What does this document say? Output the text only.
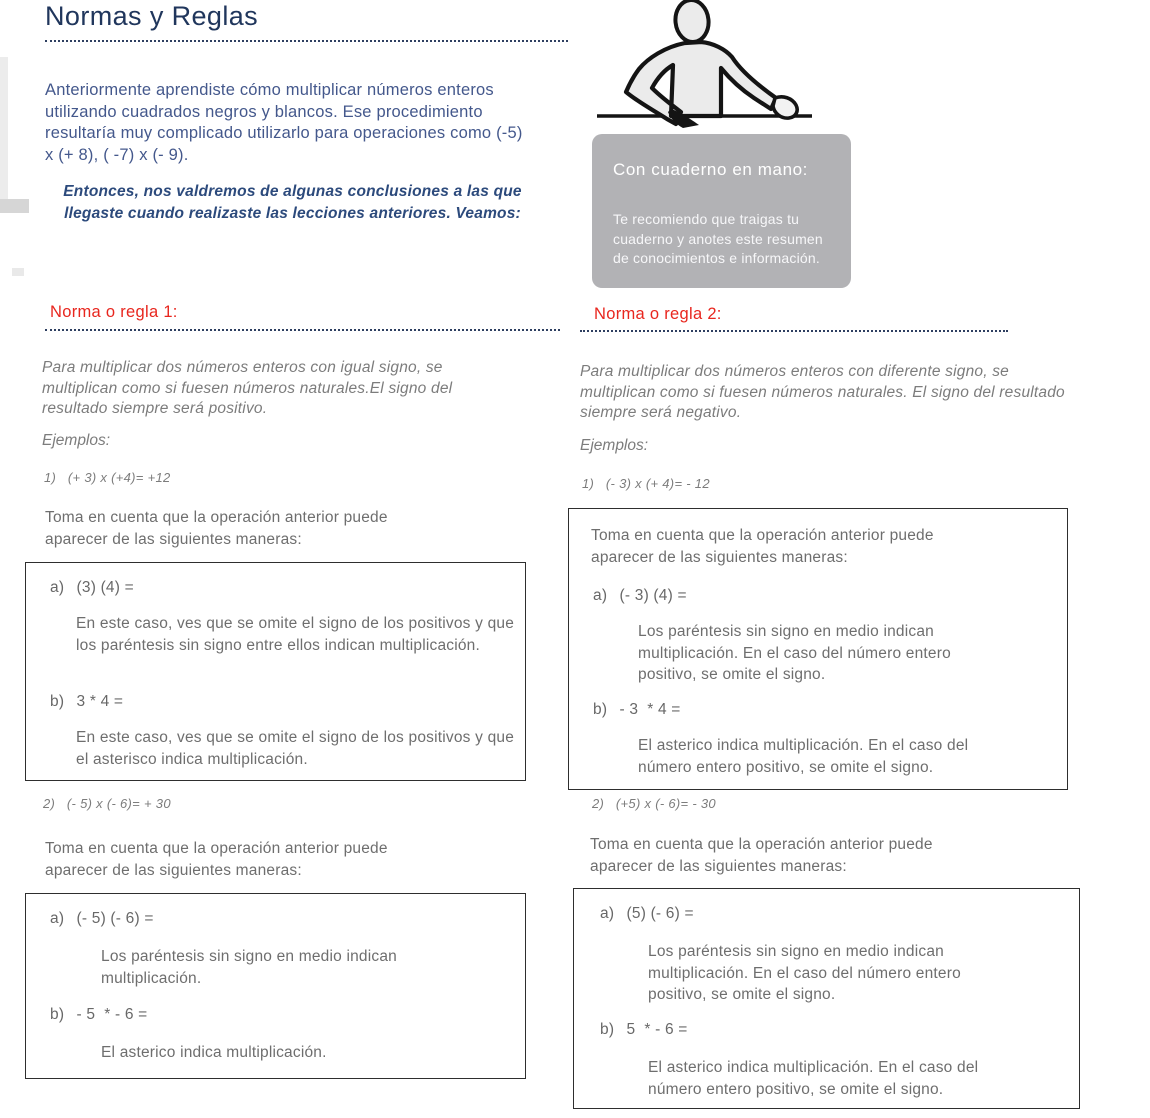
Normas y Reglas
Anteriormente aprendiste cómo multiplicar números enteros utilizando cuadrados negros y blancos. Ese procedimiento resultaría muy complicado utilizarlo para operaciones como (-5) x (+ 8), ( -7) x (- 9).
Entonces, nos valdremos de algunas conclusiones a las que llegaste cuando realizaste las lecciones anteriores. Veamos:
Con cuaderno en mano:
Te recomiendo que traigas tu cuaderno y anotes este resumen de conocimientos e información.
Norma o regla 1:
Para multiplicar dos números enteros con igual signo, se multiplican como si fuesen números naturales.El signo del resultado siempre será positivo.
Ejemplos:
1)   (+ 3) x (+4)= +12
Toma en cuenta que la operación anterior puede aparecer de las siguientes maneras:
a) (3) (4) =
En este caso, ves que se omite el signo de los positivos y que los paréntesis sin signo entre ellos indican multiplicación.
b) 3 * 4 =
En este caso, ves que se omite el signo de los positivos y que el asterisco indica multiplicación.
2)   (- 5) x (- 6)= + 30
Toma en cuenta que la operación anterior puede aparecer de las siguientes maneras:
a) (- 5) (- 6) =
Los paréntesis sin signo en medio indican multiplicación.
b) - 5  * - 6 =
El asterico indica multiplicación.
Norma o regla 2:
Para multiplicar dos números enteros con diferente signo, se multiplican como si fuesen números naturales. El signo del resultado siempre será negativo.
Ejemplos:
1)   (- 3) x (+ 4)= - 12
Toma en cuenta que la operación anterior puede aparecer de las siguientes maneras:
a) (- 3) (4) =
Los paréntesis sin signo en medio indican multiplicación. En el caso del número entero positivo, se omite el signo.
b) - 3  * 4 =
El asterico indica multiplicación. En el caso del número entero positivo, se omite el signo.
2)   (+5) x (- 6)= - 30
Toma en cuenta que la operación anterior puede aparecer de las siguientes maneras:
a) (5) (- 6) =
Los paréntesis sin signo en medio indican multiplicación. En el caso del número entero positivo, se omite el signo.
b) 5  * - 6 =
El asterico indica multiplicación. En el caso del número entero positivo, se omite el signo.
